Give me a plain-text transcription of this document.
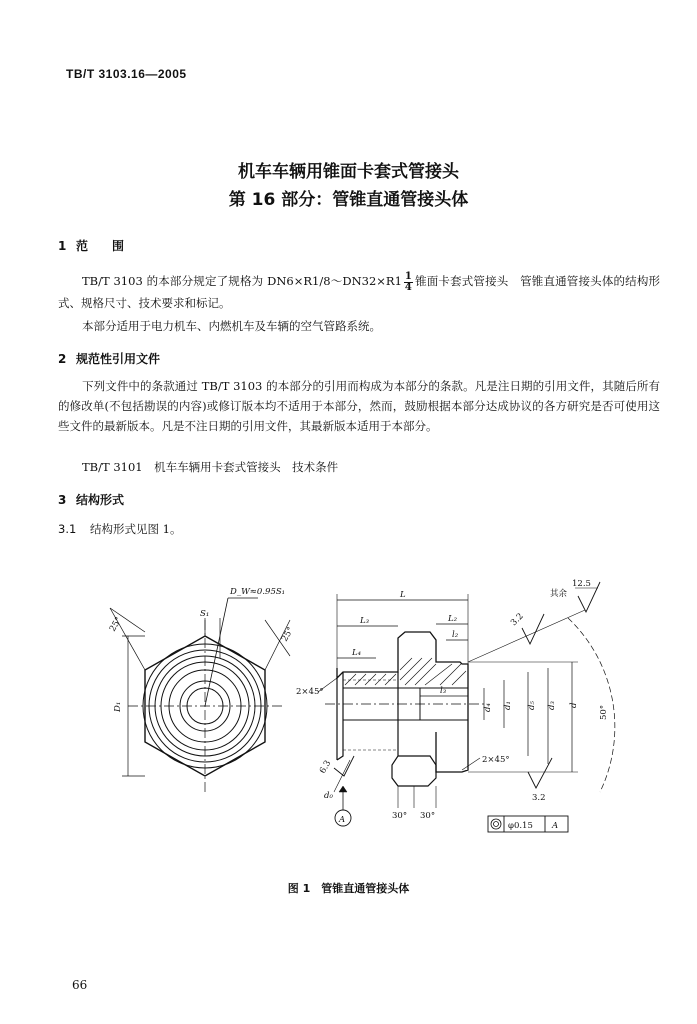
TB/T 3103.16—2005
机车车辆用锥面卡套式管接头
第 16 部分：管锥直通管接头体
1 范　　围
TB/T 3103 的本部分规定了规格为 DN6×R1/8～DN32×R1 $\frac{1}{4}$ 锥面卡套式管接头　管锥直通管接头体的结构形式、规格尺寸、技术要求和标记。
本部分适用于电力机车、内燃机车及车辆的空气管路系统。
2 规范性引用文件
下列文件中的条款通过 TB/T 3103 的本部分的引用而构成为本部分的条款。凡是注日期的引用文件，其随后所有的修改单(不包括勘误的内容)或修订版本均不适用于本部分，然而，鼓励根据本部分达成协议的各方研究是否可使用这些文件的最新版本。凡是不注日期的引用文件，其最新版本适用于本部分。
TB/T 3101　机车车辆用卡套式管接头　技术条件
3 结构形式
3.1 结构形式见图 1。
D_W≈0.95S₁
S₁
25°
25°
D₁
L
L₃	L₂
l₂
L₄
l₃
2×45°
2×45°
12.5
其余
3.2
3.2
6.3
d₄ d₁ d₅ d₃ d 50°
30° 30°
d₀
A
φ0.15 A
图 1　管锥直通管接头体
66
